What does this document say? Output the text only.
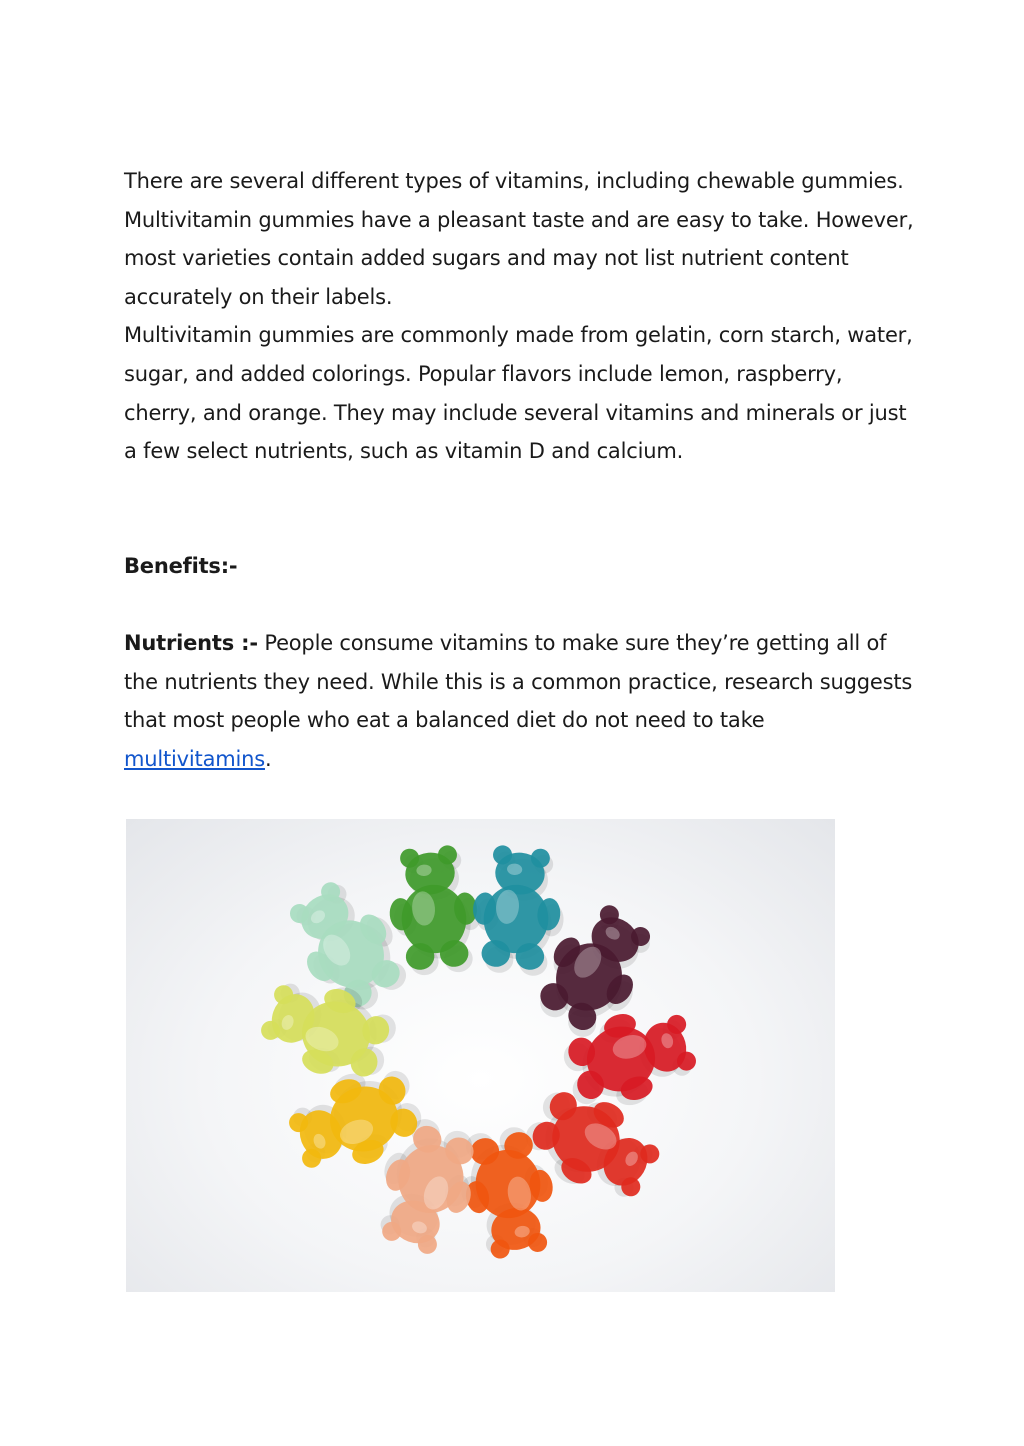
There are several different types of vitamins, including chewable gummies. Multivitamin gummies have a pleasant taste and are easy to take. However, most varieties contain added sugars and may not list nutrient content accurately on their labels.

Multivitamin gummies are commonly made from gelatin, corn starch, water, sugar, and added colorings. Popular flavors include lemon, raspberry, cherry, and orange. They may include several vitamins and minerals or just a few select nutrients, such as vitamin D and calcium.

Benefits:-

Nutrients :- People consume vitamins to make sure they’re getting all of the nutrients they need. While this is a common practice, research suggests that most people who eat a balanced diet do not need to take multivitamins.
